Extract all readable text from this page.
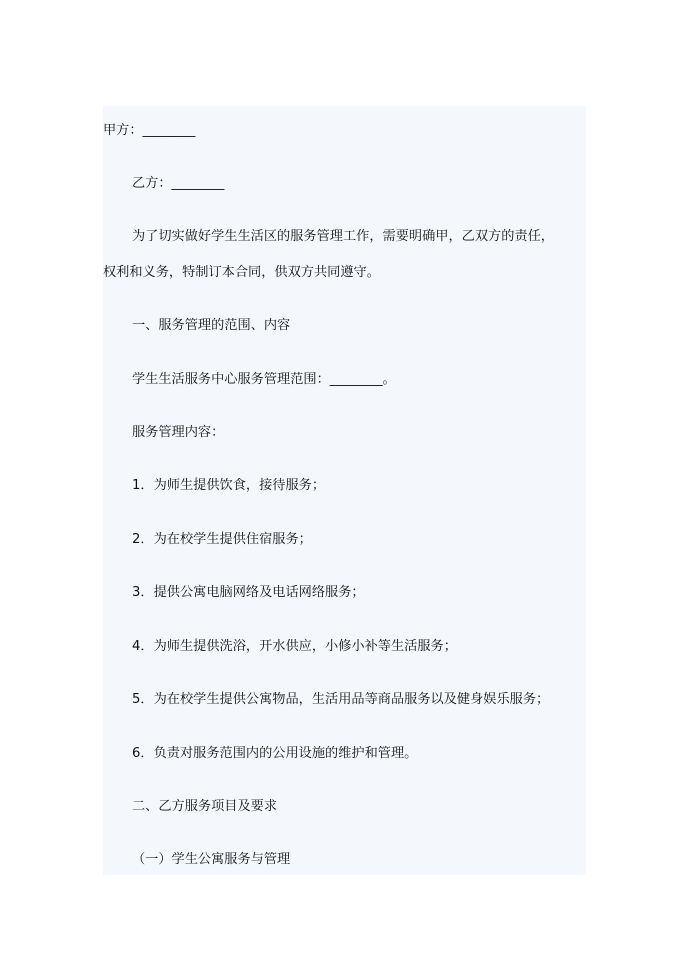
甲方：________
乙方：________
为了切实做好学生生活区的服务管理工作，需要明确甲，乙双方的责任，
权利和义务，特制订本合同，供双方共同遵守。
一、服务管理的范围、内容
学生生活服务中心服务管理范围：________。
服务管理内容：
1．为师生提供饮食，接待服务；
2．为在校学生提供住宿服务；
3．提供公寓电脑网络及电话网络服务；
4．为师生提供洗浴，开水供应，小修小补等生活服务；
5．为在校学生提供公寓物品，生活用品等商品服务以及健身娱乐服务；
6．负责对服务范围内的公用设施的维护和管理。
二、乙方服务项目及要求
（一）学生公寓服务与管理
